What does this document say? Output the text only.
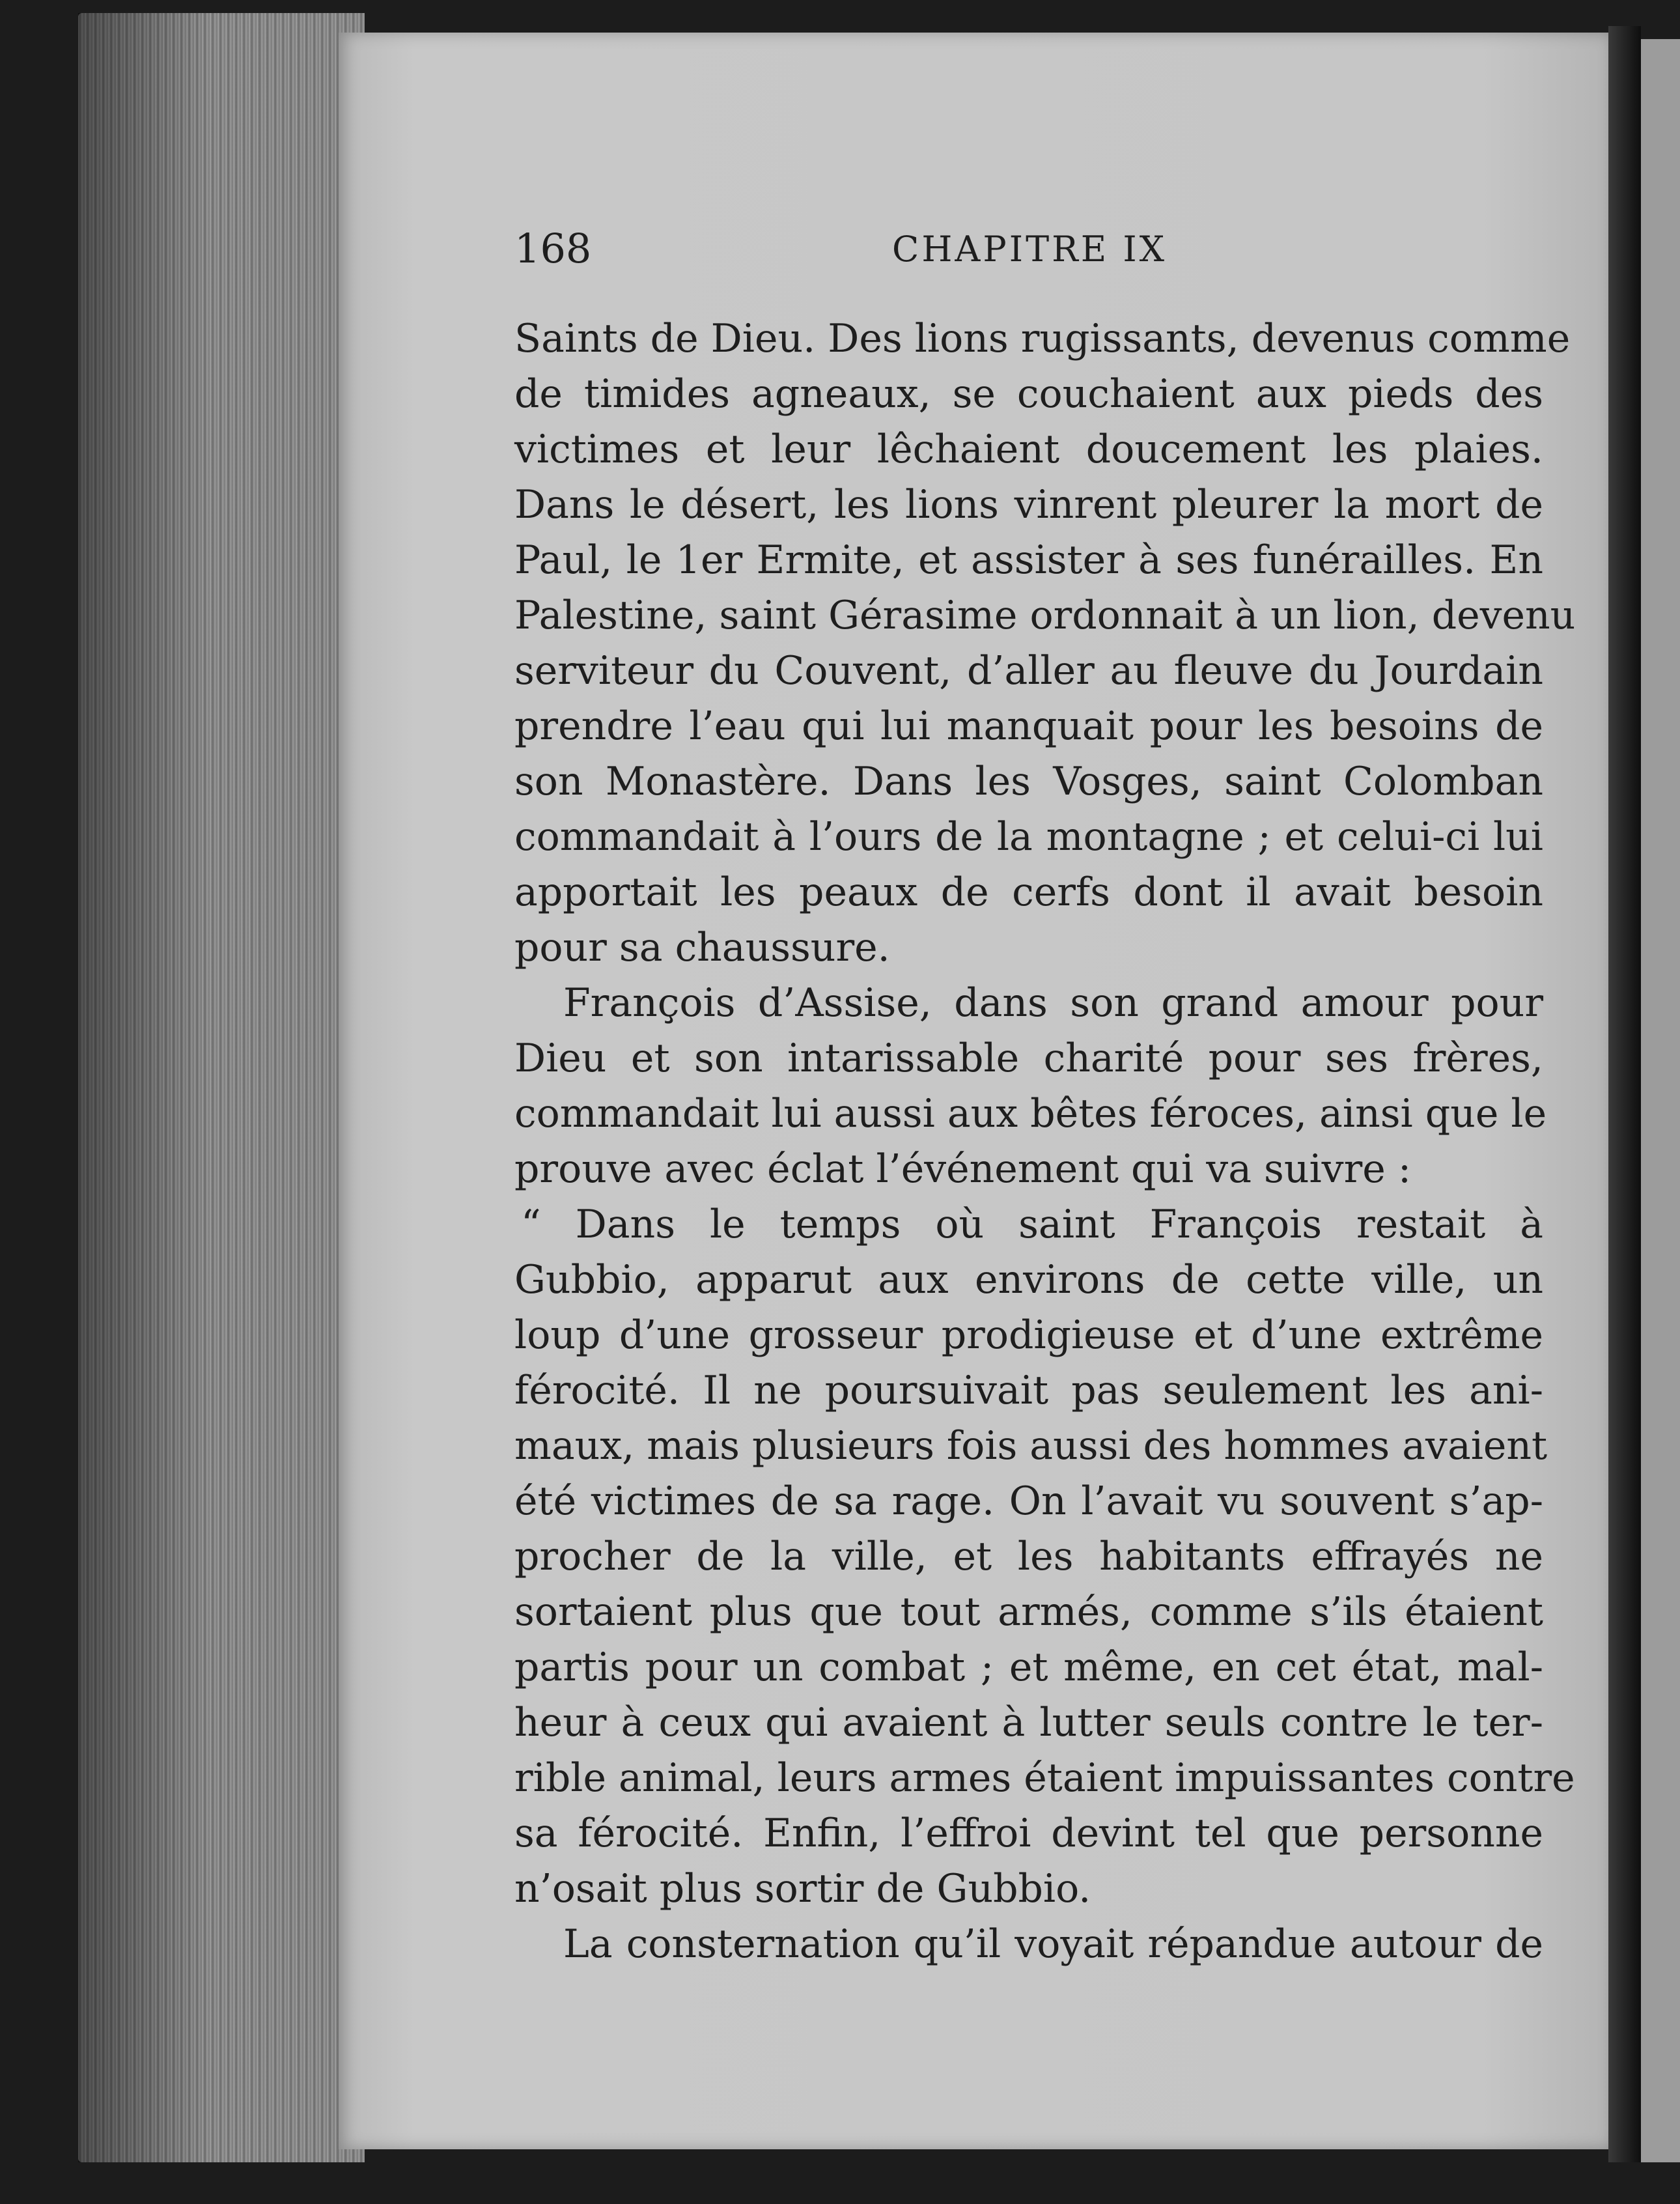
168	CHAPITRE IX
Saints de Dieu. Des lions rugissants, devenus comme
de timides agneaux, se couchaient aux pieds des
victimes et leur lêchaient doucement les plaies.
Dans le désert, les lions vinrent pleurer la mort de
Paul, le 1er Ermite, et assister à ses funérailles. En
Palestine, saint Gérasime ordonnait à un lion, devenu
serviteur du Couvent, d’aller au fleuve du Jourdain
prendre l’eau qui lui manquait pour les besoins de
son Monastère. Dans les Vosges, saint Colomban
commandait à l’ours de la montagne ; et celui-ci lui
apportait les peaux de cerfs dont il avait besoin
pour sa chaussure.
François d’Assise, dans son grand amour pour
Dieu et son intarissable charité pour ses frères,
commandait lui aussi aux bêtes féroces, ainsi que le
prouve avec éclat l’événement qui va suivre :
“ Dans le temps où saint François restait à
Gubbio, apparut aux environs de cette ville, un
loup d’une grosseur prodigieuse et d’une extrême
férocité. Il ne poursuivait pas seulement les ani-
maux, mais plusieurs fois aussi des hommes avaient
été victimes de sa rage. On l’avait vu souvent s’ap-
procher de la ville, et les habitants effrayés ne
sortaient plus que tout armés, comme s’ils étaient
partis pour un combat ; et même, en cet état, mal-
heur à ceux qui avaient à lutter seuls contre le ter-
rible animal, leurs armes étaient impuissantes contre
sa férocité. Enfin, l’effroi devint tel que personne
n’osait plus sortir de Gubbio.
La consternation qu’il voyait répandue autour de
